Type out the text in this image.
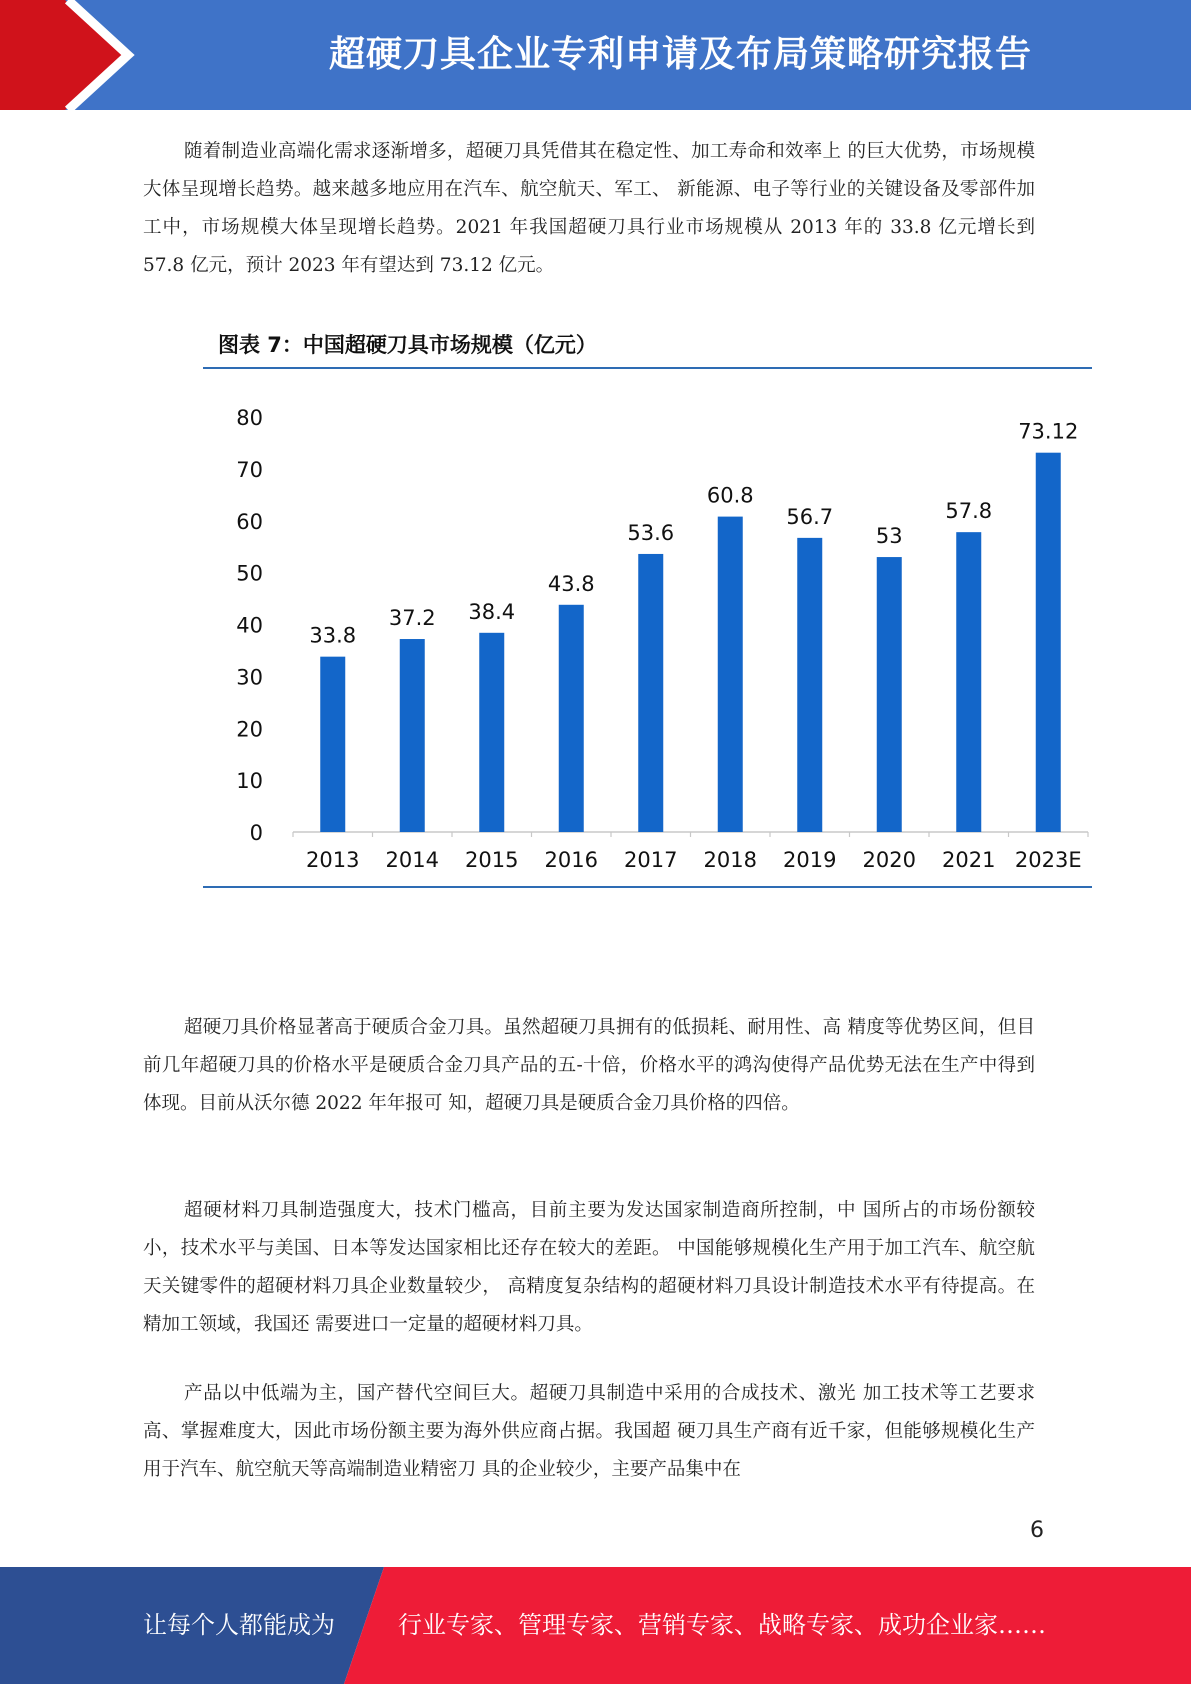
超硬刀具企业专利申请及布局策略研究报告

随着制造业高端化需求逐渐增多，超硬刀具凭借其在稳定性、加工寿命和效率上 的巨大优势，市场规模大体呈现增长趋势。越来越多地应用在汽车、航空航天、军工、 新能源、电子等行业的关键设备及零部件加工中，市场规模大体呈现增长趋势。2021 年我国超硬刀具行业市场规模从 2013 年的 33.8 亿元增长到 57.8 亿元，预计 2023 年有望达到 73.12 亿元。

图表 7：中国超硬刀具市场规模（亿元）
0
10
20
30
40
50
60
70
80
33.8
2013
37.2
2014
38.4
2015
43.8
2016
53.6
2017
60.8
2018
56.7
2019
53
2020
57.8
2021
73.12
2023E

超硬刀具价格显著高于硬质合金刀具。虽然超硬刀具拥有的低损耗、耐用性、高 精度等优势区间，但目前几年超硬刀具的价格水平是硬质合金刀具产品的五-十倍，价格水平的鸿沟使得产品优势无法在生产中得到体现。目前从沃尔德 2022 年年报可 知，超硬刀具是硬质合金刀具价格的四倍。

超硬材料刀具制造强度大，技术门槛高，目前主要为发达国家制造商所控制，中 国所占的市场份额较小，技术水平与美国、日本等发达国家相比还存在较大的差距。 中国能够规模化生产用于加工汽车、航空航天关键零件的超硬材料刀具企业数量较少， 高精度复杂结构的超硬材料刀具设计制造技术水平有待提高。在精加工领域，我国还 需要进口一定量的超硬材料刀具。

产品以中低端为主，国产替代空间巨大。超硬刀具制造中采用的合成技术、激光 加工技术等工艺要求高、掌握难度大，因此市场份额主要为海外供应商占据。我国超 硬刀具生产商有近千家，但能够规模化生产用于汽车、航空航天等高端制造业精密刀 具的企业较少，主要产品集中在

6
让每个人都能成为	行业专家、管理专家、营销专家、战略专家、成功企业家……
